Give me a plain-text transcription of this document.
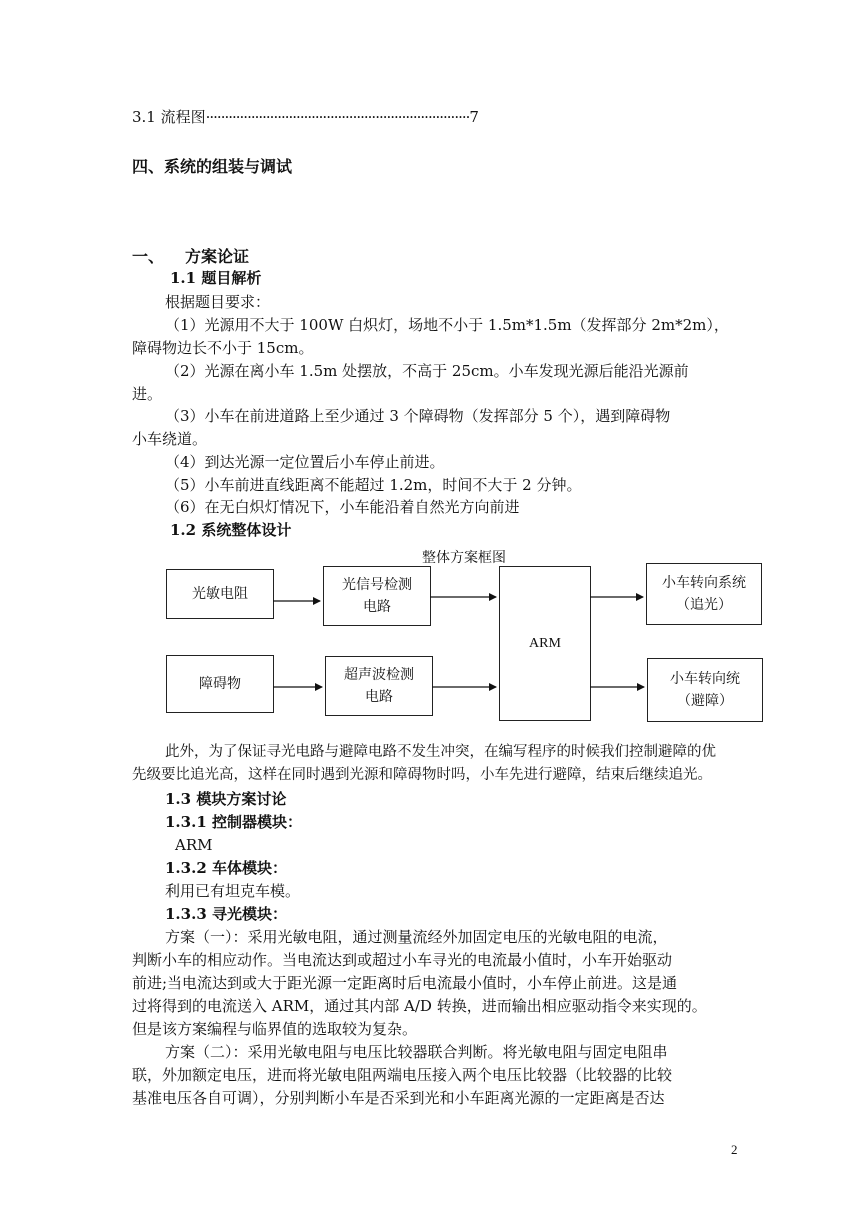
3.1 流程图······································································7
四、系统的组装与调试
一、 方案论证
1.1 题目解析
根据题目要求：
（1）光源用不大于 100W 白炽灯，场地不小于 1.5m*1.5m（发挥部分 2m*2m），
障碍物边长不小于 15cm。
（2）光源在离小车 1.5m 处摆放，不高于 25cm。小车发现光源后能沿光源前
进。
（3）小车在前进道路上至少通过 3 个障碍物（发挥部分 5 个），遇到障碍物
小车绕道。
（4）到达光源一定位置后小车停止前进。
（5）小车前进直线距离不能超过 1.2m，时间不大于 2 分钟。
（6）在无白炽灯情况下，小车能沿着自然光方向前进
1.2 系统整体设计
整体方案框图
光敏电阻
光信号检测
电路
障碍物
超声波检测
电路
ARM
小车转向系统
（追光）
小车转向统
（避障）
此外，为了保证寻光电路与避障电路不发生冲突，在编写程序的时候我们控制避障的优
先级要比追光高，这样在同时遇到光源和障碍物时吗，小车先进行避障，结束后继续追光。
1.3 模块方案讨论
1.3.1 控制器模块：
ARM
1.3.2 车体模块：
利用已有坦克车模。
1.3.3 寻光模块：
方案（一）：采用光敏电阻，通过测量流经外加固定电压的光敏电阻的电流，
判断小车的相应动作。当电流达到或超过小车寻光的电流最小值时，小车开始驱动
前进;当电流达到或大于距光源一定距离时后电流最小值时，小车停止前进。这是通
过将得到的电流送入 ARM，通过其内部 A/D 转换，进而输出相应驱动指令来实现的。
但是该方案编程与临界值的选取较为复杂。
方案（二）：采用光敏电阻与电压比较器联合判断。将光敏电阻与固定电阻串
联，外加额定电压，进而将光敏电阻两端电压接入两个电压比较器（比较器的比较
基准电压各自可调），分别判断小车是否采到光和小车距离光源的一定距离是否达
2
